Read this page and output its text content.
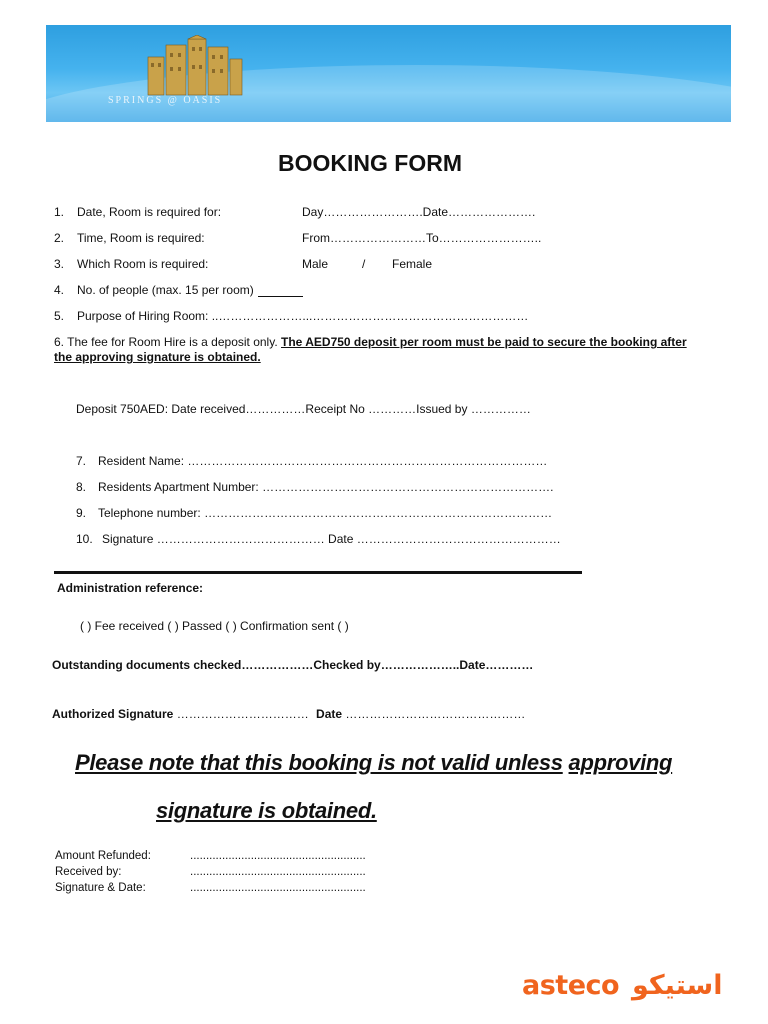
SPRINGS @ OASIS
BOOKING FORM
1. Date, Room is required for:	Day…………………….Date………………….
2. Time, Room is required:	From……………………To……………………..
3. Which Room is required:	Male	/ Female
4. No. of people (max. 15 per room)
5. Purpose of Hiring Room: ..…………………...………………………………………………
6. The fee for Room Hire is a deposit only. The AED750 deposit per room must be paid to secure the booking after
the approving signature is obtained.
Deposit 750AED: Date received……………Receipt No …………Issued by ……………
7. Resident Name: ………………………………………………………………………………
8. Residents Apartment Number: ……………………………………………………………….
9. Telephone number: ……………………………………………………………………………
10. Signature …………………………………… Date ……………………………………………
Administration reference:
( ) Fee received ( ) Passed ( ) Confirmation sent ( )
Outstanding documents checked………………Checked by………………..Date…………
Authorized Signature …………………………… Date ………………………………………
Please note that this booking is not valid unless approving
signature is obtained.
Amount Refunded:	.......................................................
Received by:	.......................................................
Signature & Date:	.......................................................
asteco استيكو
